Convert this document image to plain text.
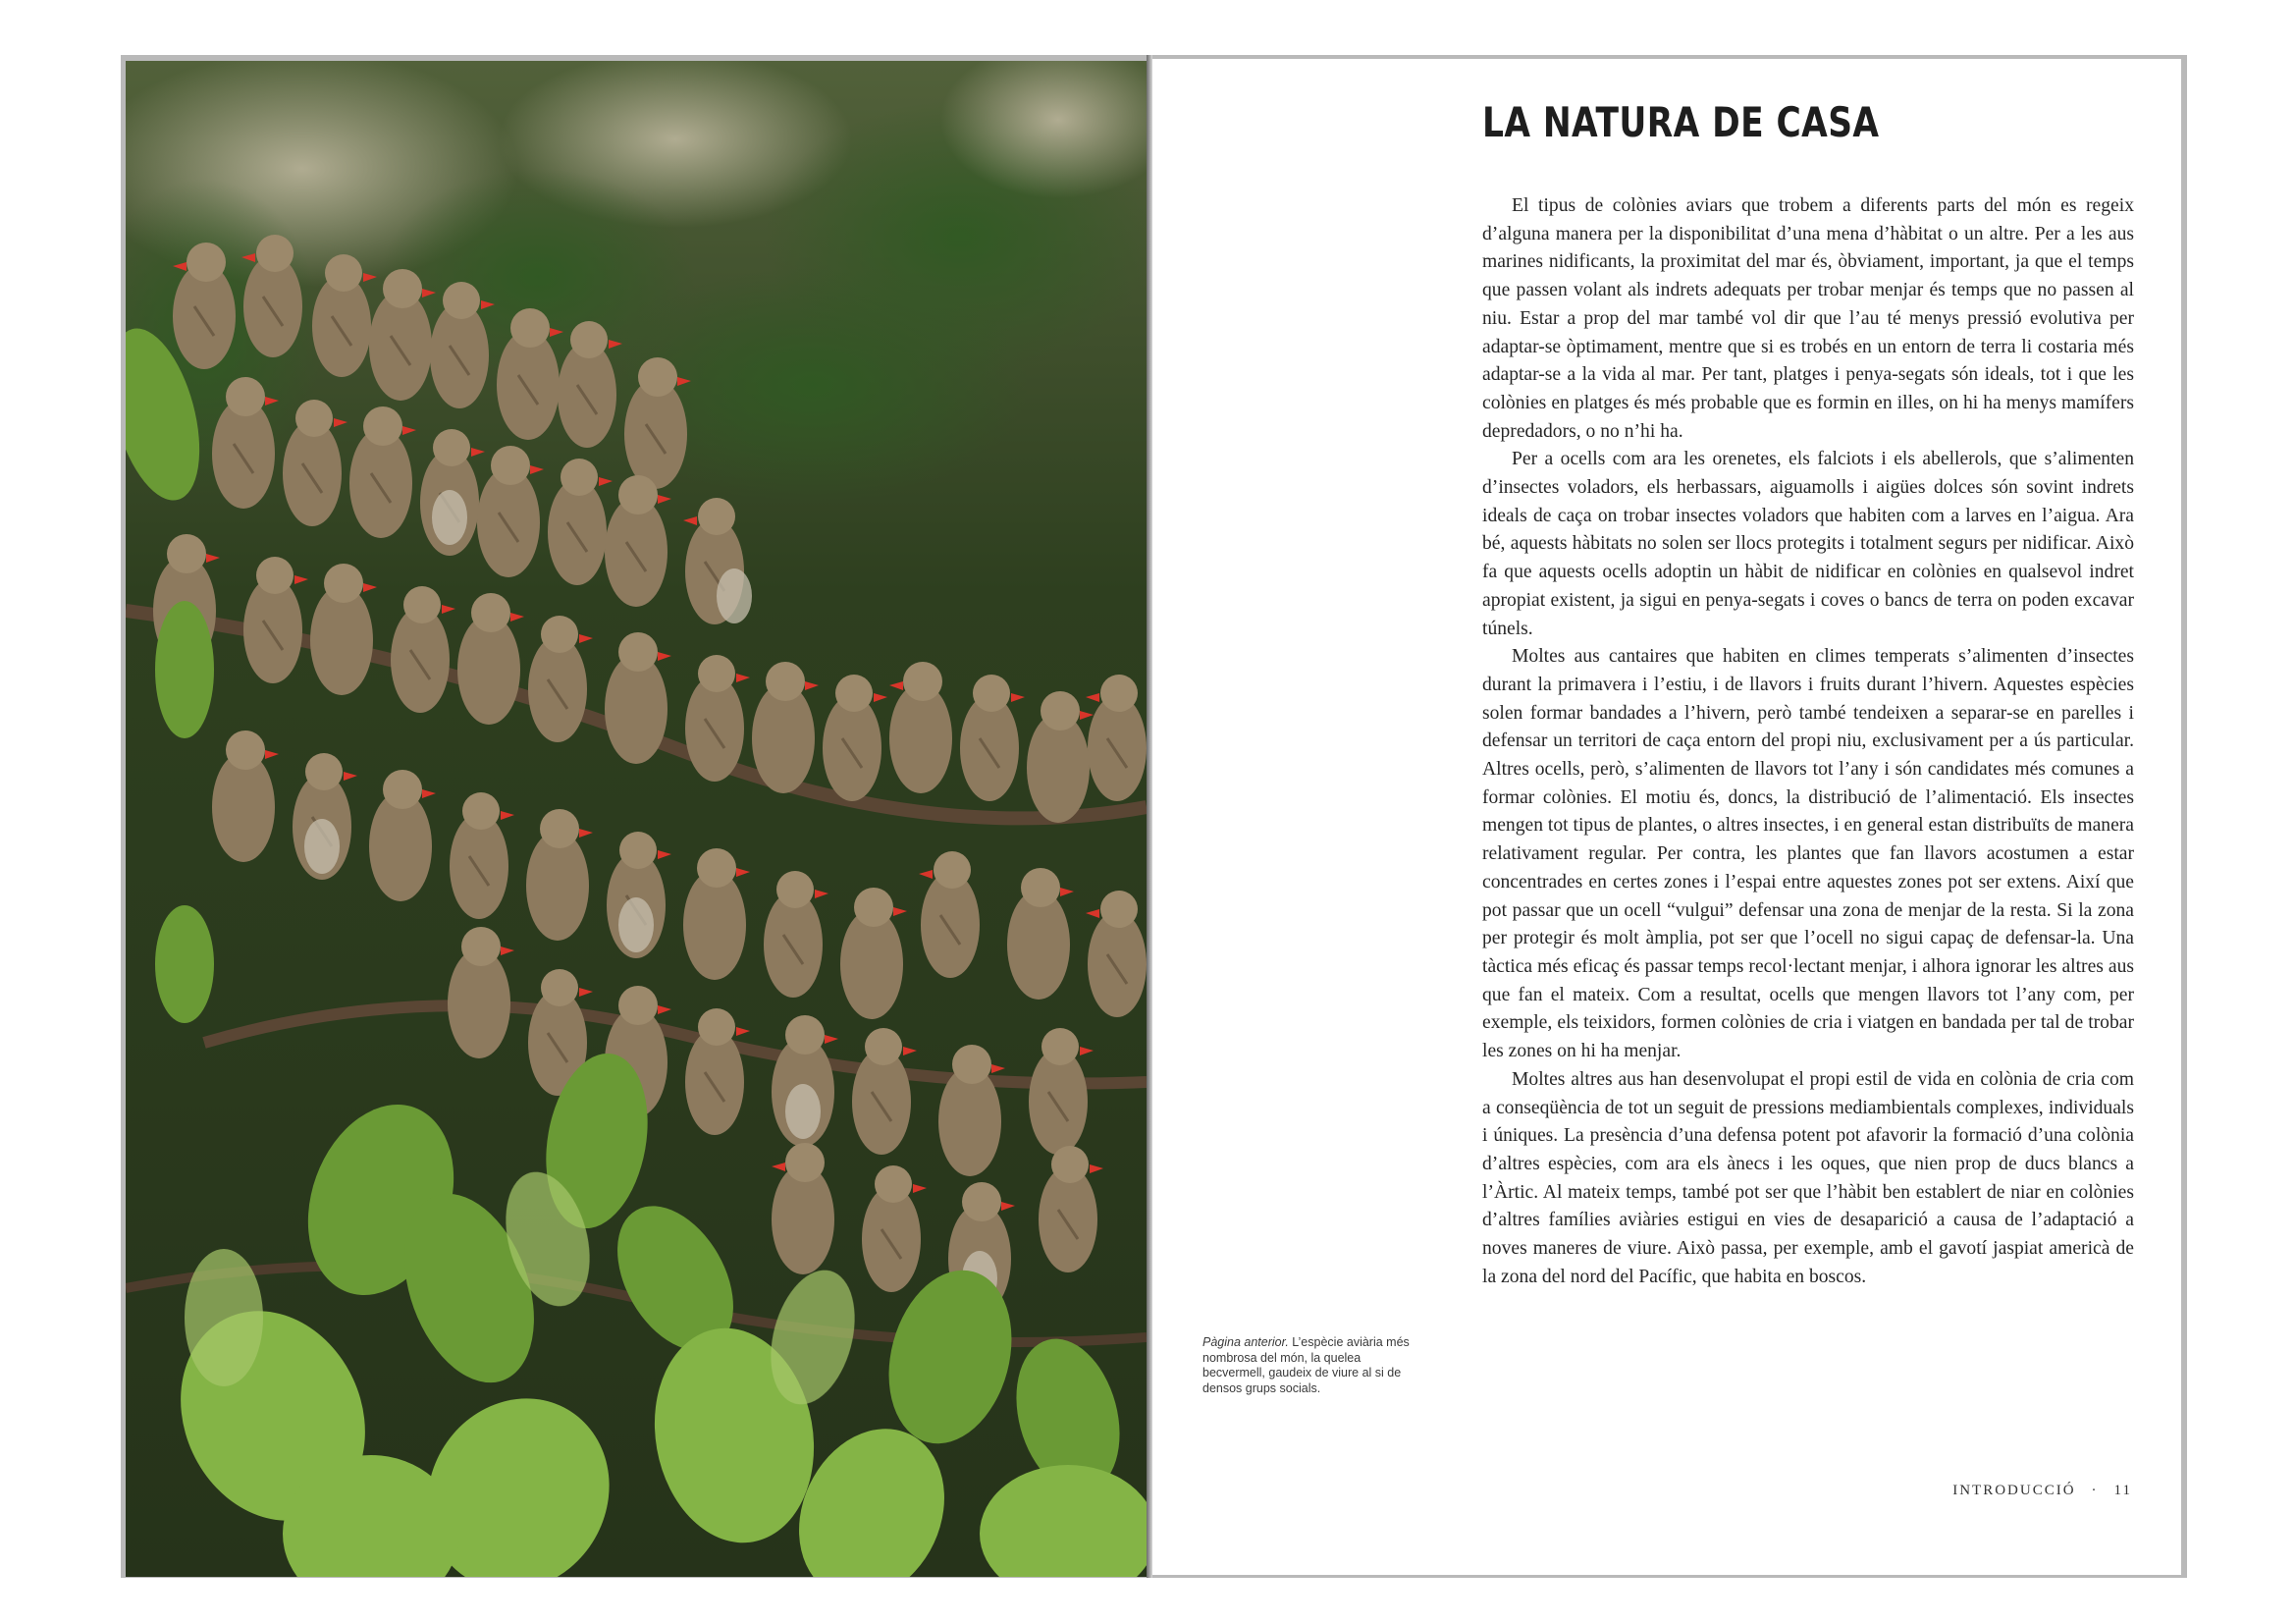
LA NATURA DE CASA

El tipus de colònies aviars que trobem a diferents parts del món es regeix d’alguna manera per la disponibilitat d’una mena d’hàbitat o un altre. Per a les aus marines nidificants, la proximitat del mar és, òbviament, important, ja que el temps que passen volant als indrets adequats per trobar menjar és temps que no passen al niu. Estar a prop del mar també vol dir que l’au té menys pressió evolutiva per adaptar-se òptimament, mentre que si es trobés en un entorn de terra li costaria més adaptar-se a la vida al mar. Per tant, platges i penya-segats són ideals, tot i que les colònies en platges és més probable que es formin en illes, on hi ha menys mamífers depredadors, o no n’hi ha.

Per a ocells com ara les orenetes, els falciots i els abellerols, que s’alimenten d’insectes voladors, els herbassars, aiguamolls i aigües dolces són sovint indrets ideals de caça on trobar insectes voladors que habiten com a larves en l’aigua. Ara bé, aquests hàbitats no solen ser llocs protegits i totalment segurs per nidificar. Això fa que aquests ocells adoptin un hàbit de nidificar en colònies en qualsevol indret apropiat existent, ja sigui en penya-segats i coves o bancs de terra on poden excavar túnels.

Moltes aus cantaires que habiten en climes temperats s’alimenten d’insectes durant la primavera i l’estiu, i de llavors i fruits durant l’hivern. Aquestes espècies solen formar bandades a l’hivern, però també tendeixen a separar-se en parelles i defensar un territori de caça entorn del propi niu, exclusivament per a ús particular. Altres ocells, però, s’alimenten de llavors tot l’any i són candidates més comunes a formar colònies. El motiu és, doncs, la distribució de l’alimentació. Els insectes mengen tot tipus de plantes, o altres insectes, i en general estan distribuïts de manera relativament regular. Per contra, les plantes que fan llavors acostumen a estar concentrades en certes zones i l’espai entre aquestes zones pot ser extens. Així que pot passar que un ocell “vulgui” defensar una zona de menjar de la resta. Si la zona per protegir és molt àmplia, pot ser que l’ocell no sigui capaç de defensar-la. Una tàctica més eficaç és passar temps recol·lectant menjar, i alhora ignorar les altres aus que fan el mateix. Com a resultat, ocells que mengen llavors tot l’any com, per exemple, els teixidors, formen colònies de cria i viatgen en bandada per tal de trobar les zones on hi ha menjar.

Moltes altres aus han desenvolupat el propi estil de vida en colònia de cria com a conseqüència de tot un seguit de pressions mediambientals complexes, individuals i úniques. La presència d’una defensa potent pot afavorir la formació d’una colònia d’altres espècies, com ara els ànecs i les oques, que nien prop de ducs blancs a l’Àrtic. Al mateix temps, també pot ser que l’hàbit ben establert de niar en colònies d’altres famílies aviàries estigui en vies de desaparició a causa de l’adaptació a noves maneres de viure. Això passa, per exemple, amb el gavotí jaspiat americà de la zona del nord del Pacífic, que habita en boscos.

Pàgina anterior. L’espècie aviària més nombrosa del món, la quelea becvermell, gaudeix de viure al si de densos grups socials.
INTRODUCCIÓ · 11
